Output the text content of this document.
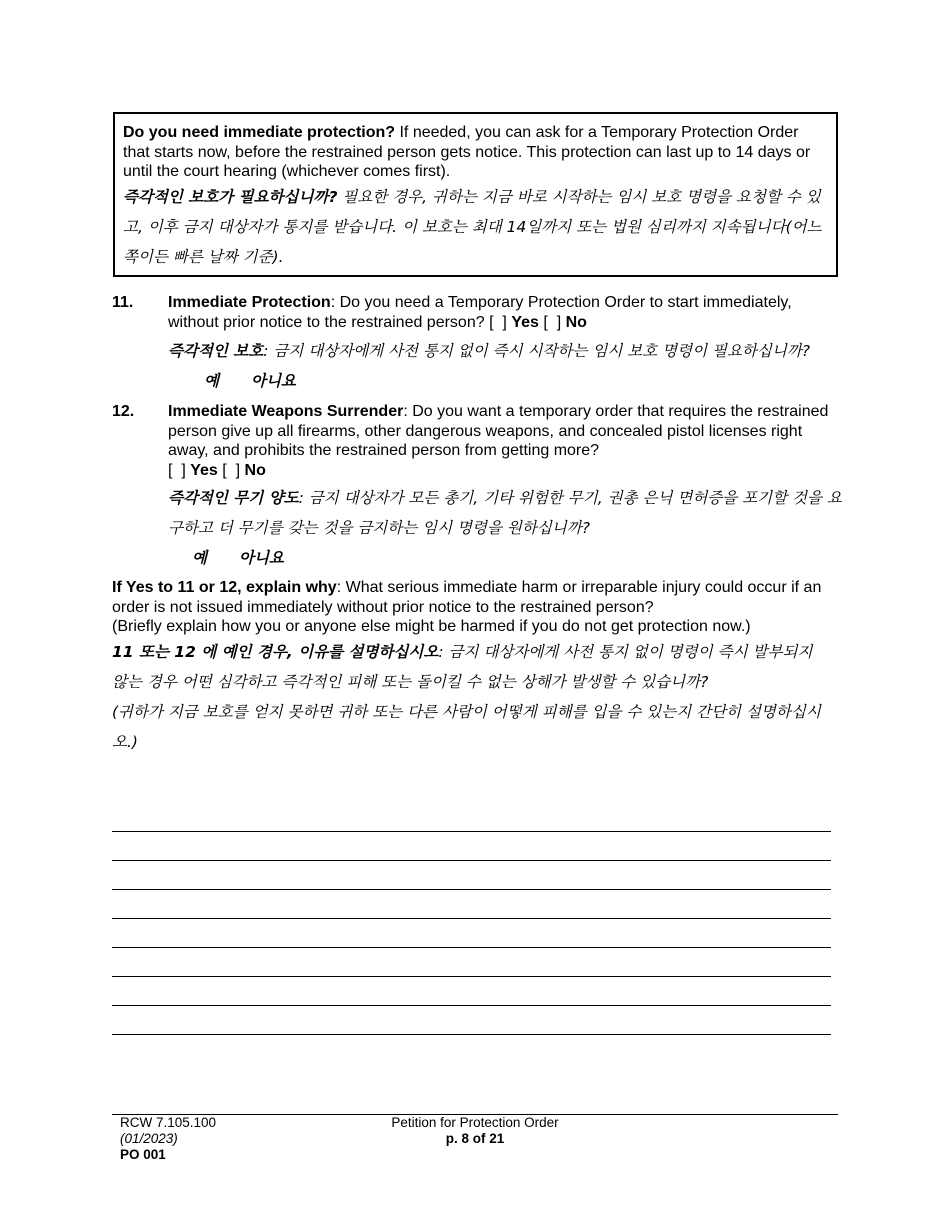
Do you need immediate protection? If needed, you can ask for a Temporary Protection Order that starts now, before the restrained person gets notice. This protection can last up to 14 days or until the court hearing (whichever comes first).
즉각적인 보호가 필요하십니까? 필요한 경우, 귀하는 지금 바로 시작하는 임시 보호 명령을 요청할 수 있고, 이후 금지 대상자가 통지를 받습니다. 이 보호는 최대 14일까지 또는 법원 심리까지 지속됩니다(어느 쪽이든 빠른 날짜 기준).
11. Immediate Protection: Do you need a Temporary Protection Order to start immediately, without prior notice to the restrained person? [  ] Yes [  ] No
즉각적인 보호: 금지 대상자에게 사전 통지 없이 즉시 시작하는 임시 보호 명령이 필요하십니까?예 아니요
12. Immediate Weapons Surrender: Do you want a temporary order that requires the restrained person give up all firearms, other dangerous weapons, and concealed pistol licenses right away, and prohibits the restrained person from getting more?
[  ] Yes [  ] No
즉각적인 무기 양도: 금지 대상자가 모든 총기, 기타 위험한 무기, 권총 은닉 면허증을 포기할 것을 요구하고 더 무기를 갖는 것을 금지하는 임시 명령을 원하십니까?
예 아니요
If Yes to 11 or 12, explain why: What serious immediate harm or irreparable injury could occur if an order is not issued immediately without prior notice to the restrained person?
(Briefly explain how you or anyone else might be harmed if you do not get protection now.)
11 또는 12 에 예인 경우, 이유를 설명하십시오: 금지 대상자에게 사전 통지 없이 명령이 즉시 발부되지 않는 경우 어떤 심각하고 즉각적인 피해 또는 돌이킬 수 없는 상해가 발생할 수 있습니까?
(귀하가 지금 보호를 얻지 못하면 귀하 또는 다른 사람이 어떻게 피해를 입을 수 있는지 간단히 설명하십시오.)
RCW 7.105.100
(01/2023)
PO 001
Petition for Protection Order
p. 8 of 21
